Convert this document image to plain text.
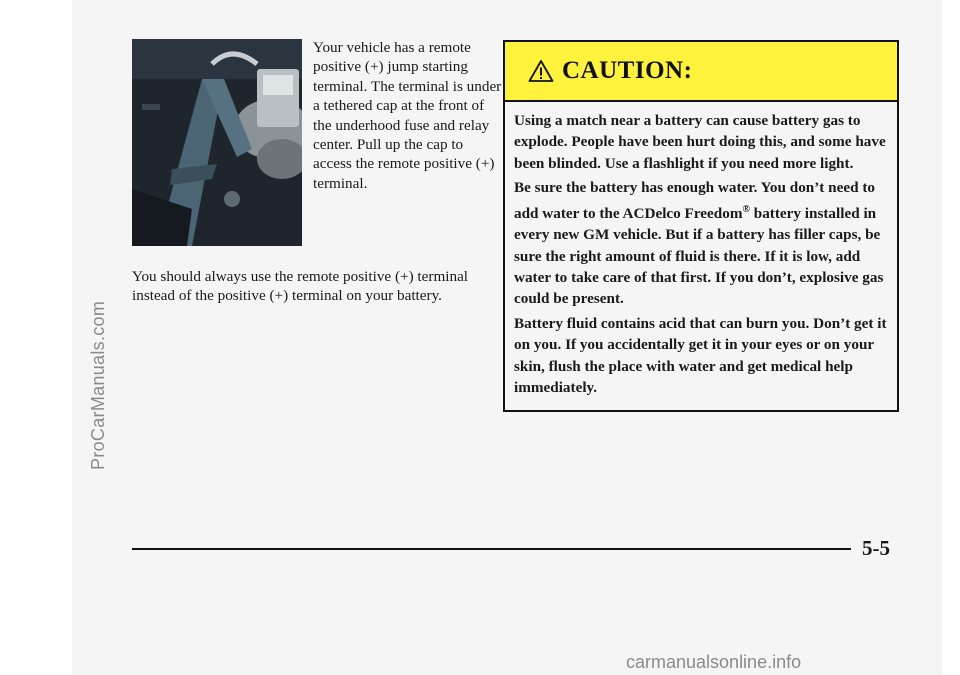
ProCarManuals.com

Your vehicle has a remote positive (+) jump starting terminal. The terminal is under a tethered cap at the front of the underhood fuse and relay center. Pull up the cap to access the remote positive (+) terminal.

You should always use the remote positive (+) terminal instead of the positive (+) terminal on your battery.

CAUTION:

Using a match near a battery can cause battery gas to explode. People have been hurt doing this, and some have been blinded. Use a flashlight if you need more light.

Be sure the battery has enough water. You don’t need to add water to the ACDelco Freedom® battery installed in every new GM vehicle. But if a battery has filler caps, be sure the right amount of fluid is there. If it is low, add water to take care of that first. If you don’t, explosive gas could be present.

Battery fluid contains acid that can burn you. Don’t get it on you. If you accidentally get it in your eyes or on your skin, flush the place with water and get medical help immediately.

5-5
carmanualsonline.info
